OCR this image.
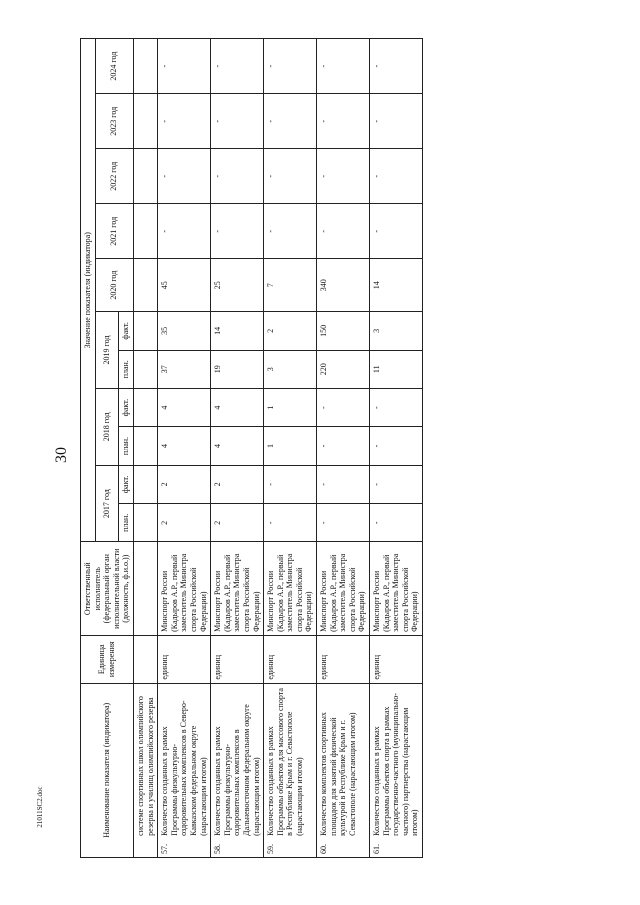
30
21011SC2.doc	Наименование показателя (индикатора)		Единица измерения	Ответственный исполнитель (федеральный орган исполнительной власти (должность, ф.и.о.))	Значение показателя (индикатора)										
				2017 год		2018 год		2019 год		2020 год	2021 год	2022 год	2023 год	2024 год
				план.	факт.	план.	факт.	план.	факт.					
	системе спортивных школ олимпийского резерва и училищ олимпийского резерва													
57.	Количество созданных в рамках Программы физкультурно-оздоровительных комплексов в Северо-Кавказском федеральном округе (нарастающим итогом)	единиц	Минспорт России (Кадыров А.Р., первый заместитель Министра спорта Российской Федерации)	2	2	4	4	37	35	45	-	-	-	-
58.	Количество созданных в рамках Программы физкультурно-оздоровительных комплексов в Дальневосточном федеральном округе (нарастающим итогом)	единиц	Минспорт России (Кадыров А.Р., первый заместитель Министра спорта Российской Федерации)	2	2	4	4	19	14	25	-	-	-	-
59.	Количество созданных в рамках Программы объектов для массового спорта в Республике Крым и г. Севастополе (нарастающим итогом)	единиц	Минспорт России (Кадыров А.Р., первый заместитель Министра спорта Российской Федерации)	-	-	1	1	3	2	7	-	-	-	-
60.	Количество комплектов спортивных площадок для занятий физической культурой в Республике Крым и г. Севастополе (нарастающим итогом)	единиц	Минспорт России (Кадыров А.Р., первый заместитель Министра спорта Российской Федерации)	-	-	-	-	220	150	340	-	-	-	-
61.	Количество созданных в рамках Программы объектов спорта в рамках государственно-частного (муниципально-частного) партнерства (нарастающим итогом)	единиц	Минспорт России (Кадыров А.Р., первый заместитель Министра спорта Российской Федерации)	-	-	-	-	11	3	14	-	-	-	-
